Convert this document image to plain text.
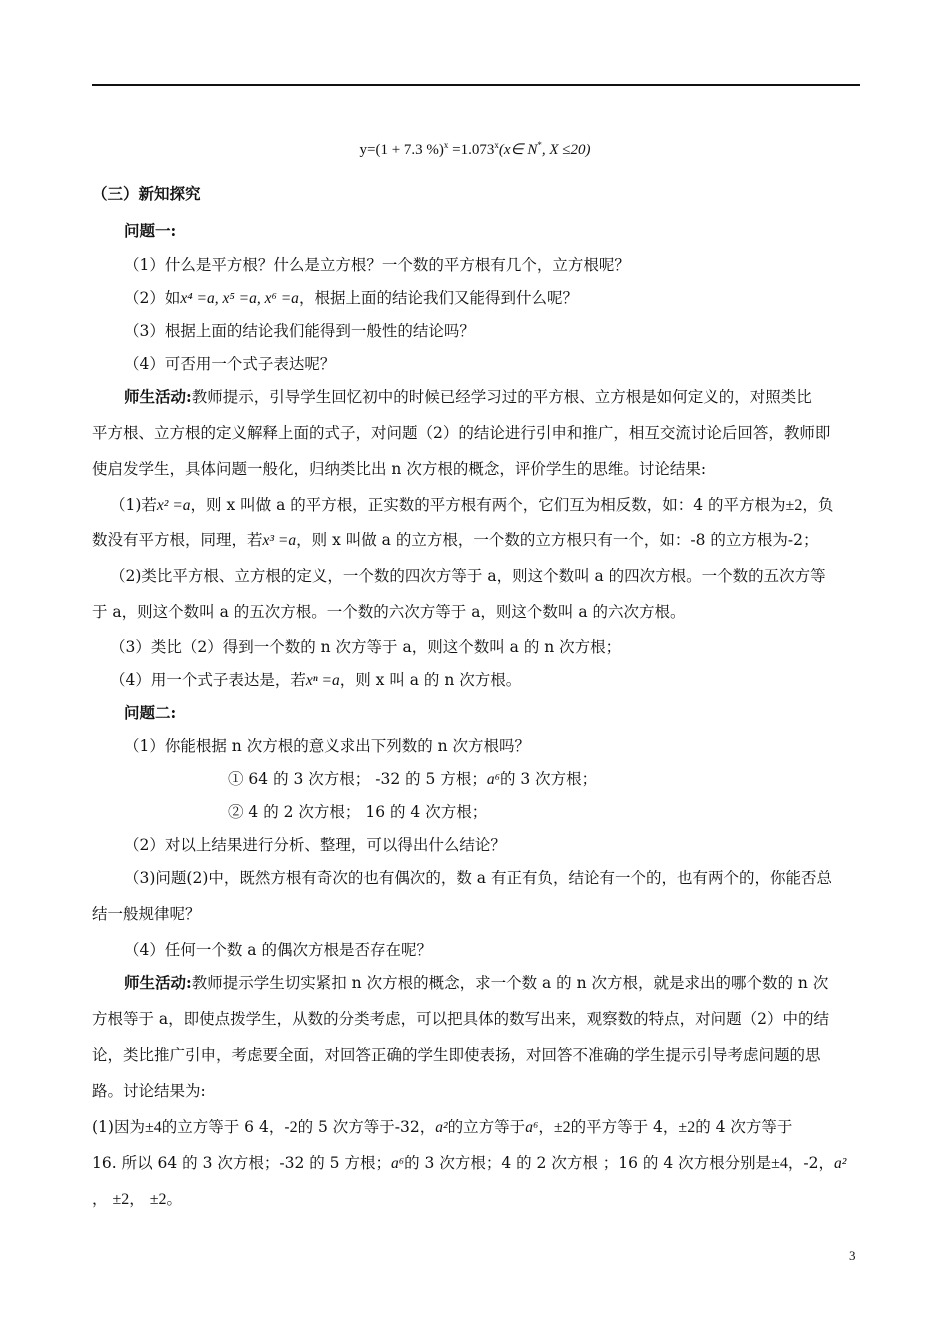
y=(1 + 7.3 $\%)^x =1.073^x(x\in$ N*, X ≤20)
（三）新知探究
问题一:
（1）什么是平方根？什么是立方根？一个数的平方根有几个，立方根呢？
（2）如x⁴ =a, x⁵ =a, x⁶ =a，根据上面的结论我们又能得到什么呢？
（3）根据上面的结论我们能得到一般性的结论吗？
（4）可否用一个式子表达呢？
师生活动:教师提示，引导学生回忆初中的时候已经学习过的平方根、立方根是如何定义的，对照类比
平方根、立方根的定义解释上面的式子，对问题（2）的结论进行引申和推广，相互交流讨论后回答，教师即
使启发学生，具体问题一般化，归纳类比出 n 次方根的概念，评价学生的思维。讨论结果:
（1)若x² =a，则 x 叫做 a 的平方根，正实数的平方根有两个，它们互为相反数，如：4 的平方根为±2，负
数没有平方根，同理，若x³ =a，则 x 叫做 a 的立方根，一个数的立方根只有一个，如：-8 的立方根为-2；
（2)类比平方根、立方根的定义，一个数的四次方等于 a，则这个数叫 a 的四次方根。一个数的五次方等
于 a，则这个数叫 a 的五次方根。一个数的六次方等于 a，则这个数叫 a 的六次方根。
（3）类比（2）得到一个数的 n 次方等于 a，则这个数叫 a 的 n 次方根；
（4）用一个式子表达是，若xⁿ =a，则 x 叫 a 的 n 次方根。
问题二:
（1）你能根据 n 次方根的意义求出下列数的 n 次方根吗？
① 64 的 3 次方根； -32 的 5 方根；a⁶的 3 次方根；
② 4 的 2 次方根； 16 的 4 次方根；
（2）对以上结果进行分析、整理，可以得出什么结论？
（3)问题(2)中，既然方根有奇次的也有偶次的，数 a 有正有负，结论有一个的，也有两个的，你能否总
结一般规律呢？
（4）任何一个数 a 的偶次方根是否存在呢？
师生活动:教师提示学生切实紧扣 n 次方根的概念，求一个数 a 的 n 次方根，就是求出的哪个数的 n 次
方根等于 a，即使点拨学生，从数的分类考虑，可以把具体的数写出来，观察数的特点，对问题（2）中的结
论，类比推广引申，考虑要全面，对回答正确的学生即使表扬，对回答不准确的学生提示引导考虑问题的思
路。讨论结果为:
(1)因为±4的立方等于 6 4，-2的 5 次方等于-32，a²的立方等于a⁶，±2的平方等于 4，±2的 4 次方等于
16. 所以 64 的 3 次方根；-32 的 5 方根；a⁶的 3 次方根；4 的 2 次方根 ；16 的 4 次方根分别是±4，-2，a²
， ±2， ±2。
3
